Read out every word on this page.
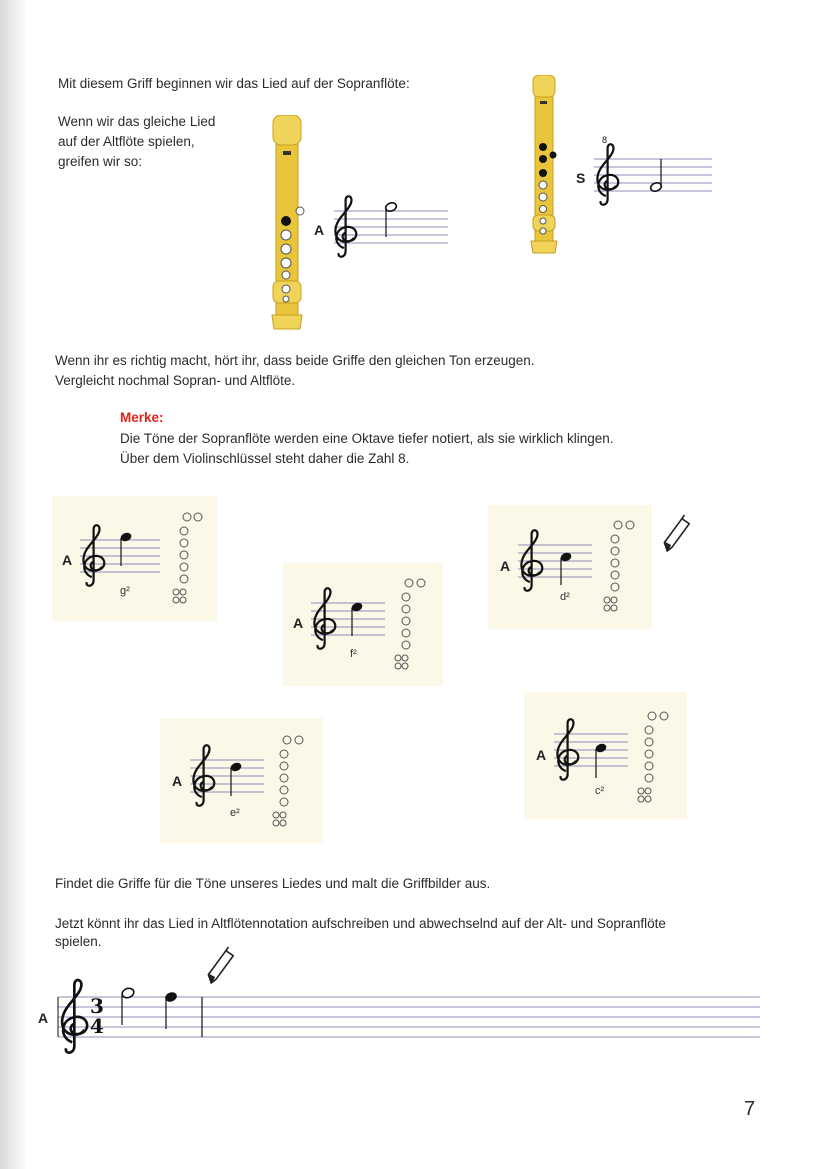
Mit diesem Griff beginnen wir das Lied auf der Sopranflöte:
Wenn wir das gleiche Lied
auf der Altflöte spielen,
greifen wir so:
A
S
8
Wenn ihr es richtig macht, hört ihr, dass beide Griffe den gleichen Ton erzeugen.
Vergleicht nochmal Sopran- und Altflöte.
Merke:
Die Töne der Sopranflöte werden eine Oktave tiefer notiert, als sie wirklich klingen.
Über dem Violinschlüssel steht daher die Zahl 8.
A
g²
A
f²
A
d²
A
e²
A
c²
Findet die Griffe für die Töne unseres Liedes und malt die Griffbilder aus.
Jetzt könnt ihr das Lied in Altflötennotation aufschreiben und abwechselnd auf der Alt- und Sopranflöte
spielen.
A 3
4
7
